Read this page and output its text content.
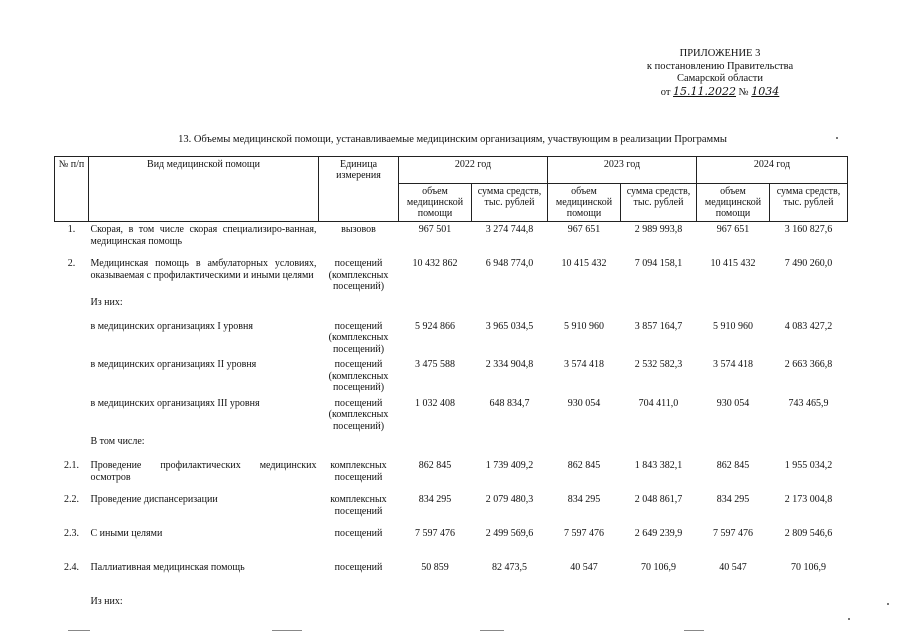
ПРИЛОЖЕНИЕ 3
к постановлению Правительства
Самарской области
от 15.11.2022 № 1034
13. Объемы медицинской помощи, устанавливаемые медицинским организациям, участвующим в реализации Программы
№ п/п	Вид медицинской помощи	Единица измерения	2022 год		2023 год		2024 год	
			объем медицинской помощи	сумма средств, тыс. рублей	объем медицинской помощи	сумма средств, тыс. рублей	объем медицинской помощи	сумма средств, тыс. рублей
1.	Скорая, в том числе скорая специализиро-ванная, медицинская помощь	вызовов	967 501	3 274 744,8	967 651	2 989 993,8	967 651	3 160 827,6
2.	Медицинская помощь в амбулаторных условиях, оказываемая с профилактическими и иными целями	посещений (комплексных посещений)	10 432 862	6 948 774,0	10 415 432	7 094 158,1	10 415 432	7 490 260,0
	Из них:							
	в медицинских организациях I уровня	посещений (комплексных посещений)	5 924 866	3 965 034,5	5 910 960	3 857 164,7	5 910 960	4 083 427,2
	в медицинских организациях II уровня	посещений (комплексных посещений)	3 475 588	2 334 904,8	3 574 418	2 532 582,3	3 574 418	2 663 366,8
	в медицинских организациях III уровня	посещений (комплексных посещений)	1 032 408	648 834,7	930 054	704 411,0	930 054	743 465,9
	В том числе:							
2.1.	Проведение профилактических медицинских осмотров	комплексных посещений	862 845	1 739 409,2	862 845	1 843 382,1	862 845	1 955 034,2
2.2.	Проведение диспансеризации	комплексных посещений	834 295	2 079 480,3	834 295	2 048 861,7	834 295	2 173 004,8
2.3.	С иными целями	посещений	7 597 476	2 499 569,6	7 597 476	2 649 239,9	7 597 476	2 809 546,6
2.4.	Паллиативная медицинская помощь	посещений	50 859	82 473,5	40 547	70 106,9	40 547	70 106,9
	Из них:							
